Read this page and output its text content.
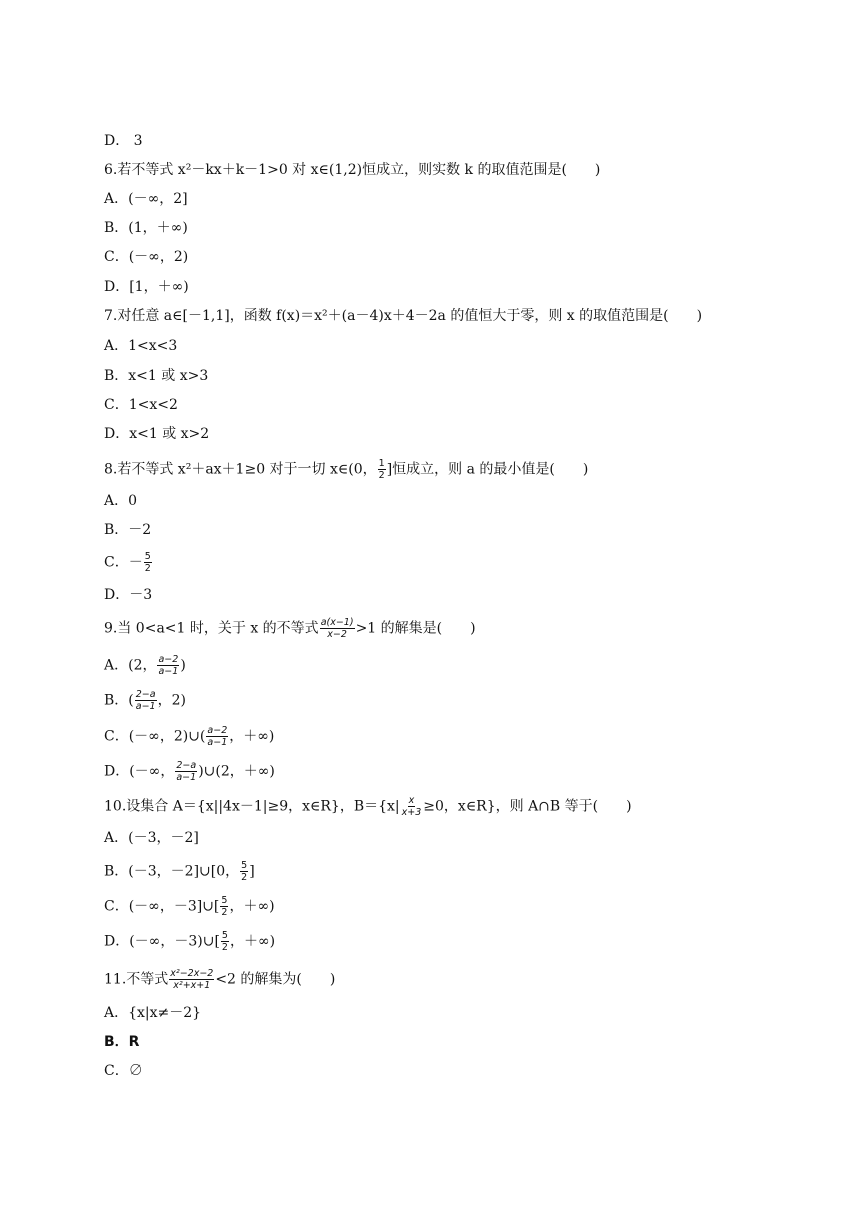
D． 3
6.若不等式 x²－kx＋k－1>0 对 x∈(1,2)恒成立，则实数 k 的取值范围是(　　)
A．(－∞，2]
B．(1，＋∞)
C．(－∞，2)
D．[1，＋∞)
7.对任意 a∈[－1,1]，函数 f(x)＝x²＋(a－4)x＋4－2a 的值恒大于零，则 x 的取值范围是(　　)
A．1<x<3
B．x<1 或 x>3
C．1<x<2
D．x<1 或 x>2
8.若不等式 x²＋ax＋1≥0 对于一切 x∈(0， $\frac{1}{2}$ ]恒成立，则 a 的最小值是(　　)
A．0
B．－2
C．－ $\frac{5}{2}$
D．－3
9.当 0<a<1 时，关于 x 的不等式 $\frac{a(x-1)}{x-2} >1$ 的解集是(　　)
A．(2， $\frac{a-2}{a-1}$ )
B．( $\frac{2-a}{a-1}$ ，2)
C．(－∞，2)∪( $\frac{a-2}{a-1}$ ，＋∞)
D．(－∞， $\frac{2-a}{a-1}$ )∪(2，＋∞)
10.设集合 A＝{x||4x－1|≥9，x∈R}，$B=\{x| \frac{x}{x+3} \ge 0$，x∈R}，则 A∩B 等于(　　)
A．(－3，－2]
B．(－3，－2]∪[0， $\frac{5}{2}$ ]
C．(－∞，－3]∪[ $\frac{5}{2}$ ，＋∞)
D．(－∞，－3)∪[ $\frac{5}{2}$ ，＋∞)
11.不等式 $\frac{\text{x²−2x−2}}{\text{x²+x+1}} <2$ 的解集为(　　)
A．{x|x≠－2}
B．R
C．∅
